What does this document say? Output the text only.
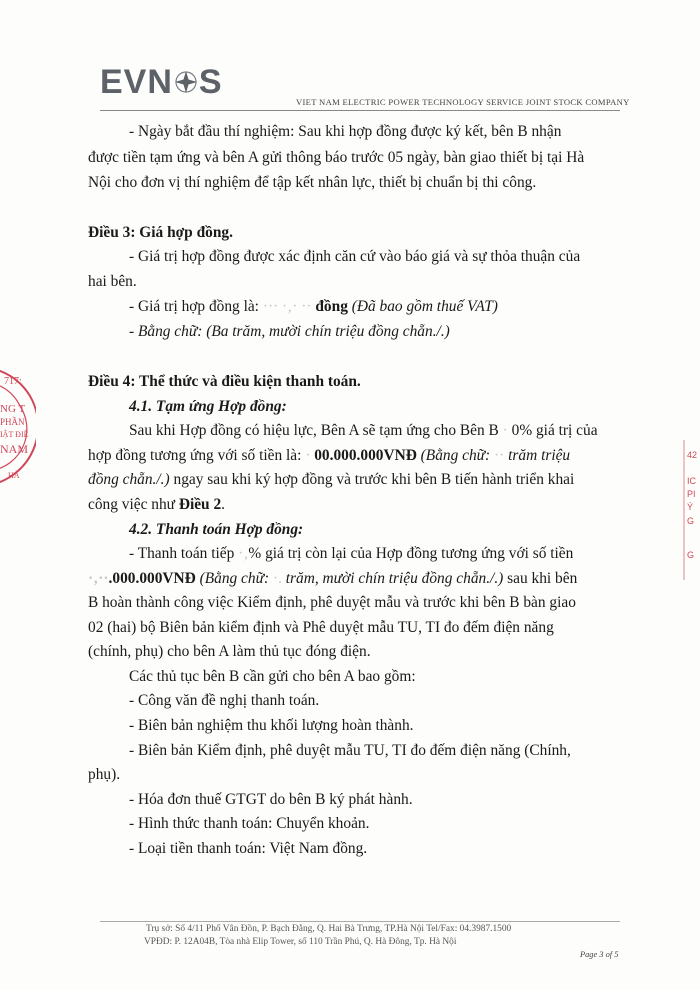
EVN S
VIET NAM ELECTRIC POWER TECHNOLOGY SERVICE JOINT STOCK COMPANY
- Ngày bắt đầu thí nghiệm: Sau khi hợp đồng được ký kết, bên B nhận
được tiền tạm ứng và bên A gửi thông báo trước 05 ngày, bàn giao thiết bị tại Hà
Nội cho đơn vị thí nghiệm để tập kết nhân lực, thiết bị chuẩn bị thi công.
Điều 3: Giá hợp đồng.
- Giá trị hợp đồng được xác định căn cứ vào báo giá và sự thỏa thuận của
hai bên.
- Giá trị hợp đồng là: ··· ·‚· ·· đồng (Đã bao gồm thuế VAT)
- Bằng chữ: (Ba trăm, mười chín triệu đồng chẵn./.)
Điều 4: Thể thức và điều kiện thanh toán.
4.1. Tạm ứng Hợp đồng:
Sau khi Hợp đồng có hiệu lực, Bên A sẽ tạm ứng cho Bên B · 0% giá trị của
hợp đồng tương ứng với số tiền là: · 00.000.000VNĐ (Bằng chữ: ·· trăm triệu
đồng chẵn./.) ngay sau khi ký hợp đồng và trước khi bên B tiến hành triển khai
công việc như Điều 2.
4.2. Thanh toán Hợp đồng:
- Thanh toán tiếp ·‚% giá trị còn lại của Hợp đồng tương ứng với số tiền
·‚··.000.000VNĐ (Bằng chữ: ·. trăm, mười chín triệu đồng chẵn./.) sau khi bên
B hoàn thành công việc Kiểm định, phê duyệt mẫu và trước khi bên B bàn giao
02 (hai) bộ Biên bản kiểm định và Phê duyệt mẫu TU, TI đo đếm điện năng
(chính, phụ) cho bên A làm thủ tục đóng điện.
Các thủ tục bên B cần gửi cho bên A bao gồm:
- Công văn đề nghị thanh toán.
- Biên bản nghiệm thu khối lượng hoàn thành.
- Biên bản Kiểm định, phê duyệt mẫu TU, TI đo đếm điện năng (Chính,
phụ).
- Hóa đơn thuế GTGT do bên B ký phát hành.
- Hình thức thanh toán: Chuyển khoản.
- Loại tiền thanh toán: Việt Nam đồng.
717:
NG T
PHẦN
IẬT ĐIỆ
NAM
HÀ
42
IC
PI
Ý
G
G
Trụ sở: Số 4/11 Phố Vân Đồn, P. Bạch Đằng, Q. Hai Bà Trưng, TP.Hà Nội Tel/Fax: 04.3987.1500
VPĐD: P. 12A04B, Tòa nhà Elip Tower, số 110 Trần Phú, Q. Hà Đông, Tp. Hà Nội
Page 3 of 5
